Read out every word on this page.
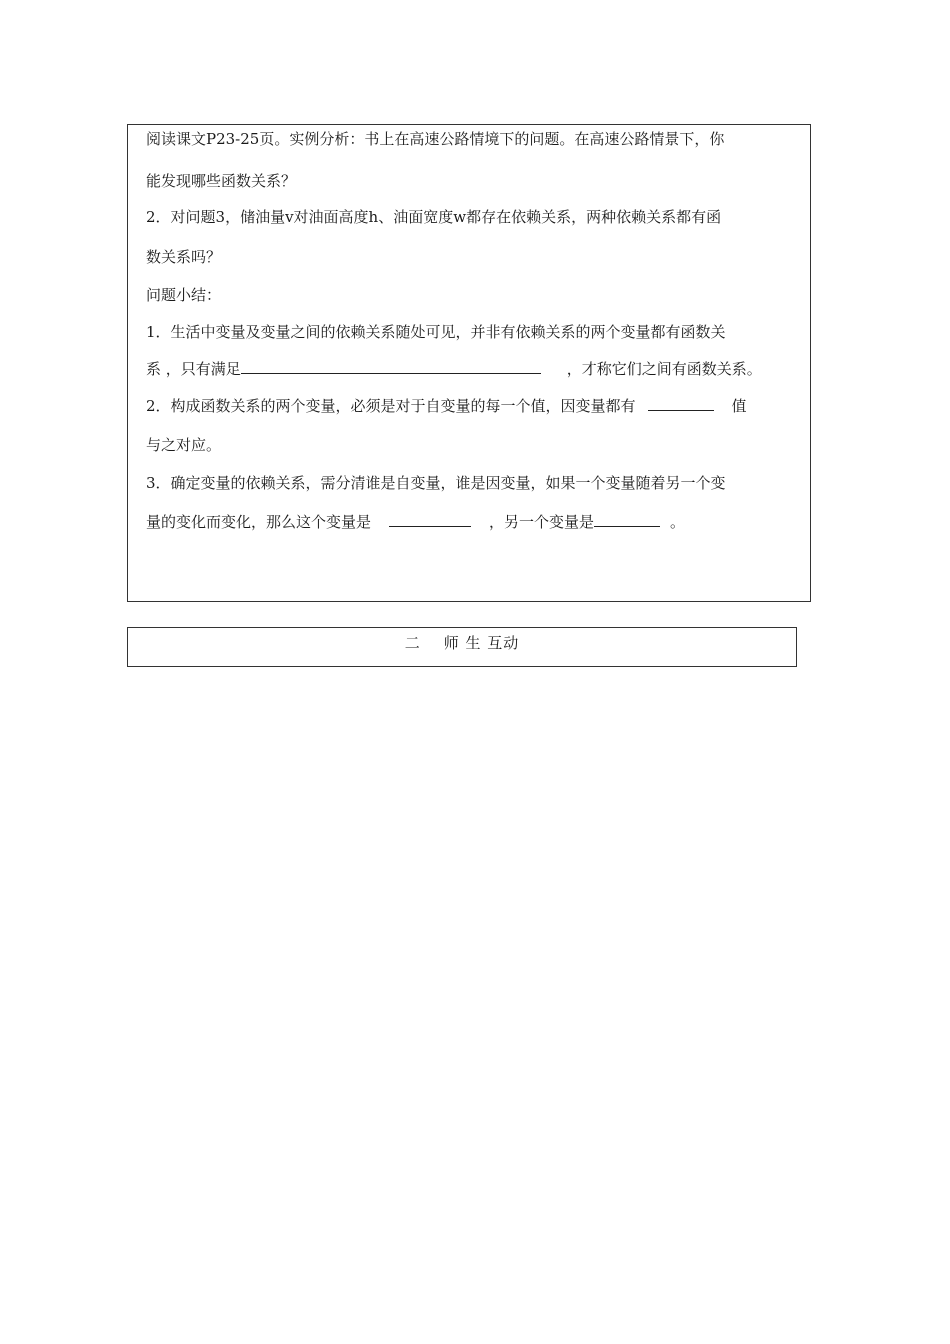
阅读课文P23-25页。实例分析：书上在高速公路情境下的问题。在高速公路情景下，你
能发现哪些函数关系？
2．对问题3，储油量v对油面高度h、油面宽度w都存在依赖关系，两种依赖关系都有函
数关系吗？
问题小结：
1．生活中变量及变量之间的依赖关系随处可见，并非有依赖关系的两个变量都有函数关
系 ，只有满足	，才称它们之间有函数关系。
2．构成函数关系的两个变量，必须是对于自变量的每一个值，因变量都有	值
与之对应。
3．确定变量的依赖关系，需分清谁是自变量，谁是因变量，如果一个变量随着另一个变
量的变化而变化，那么这个变量是	，另一个变量是	。
二    师 生 互动
